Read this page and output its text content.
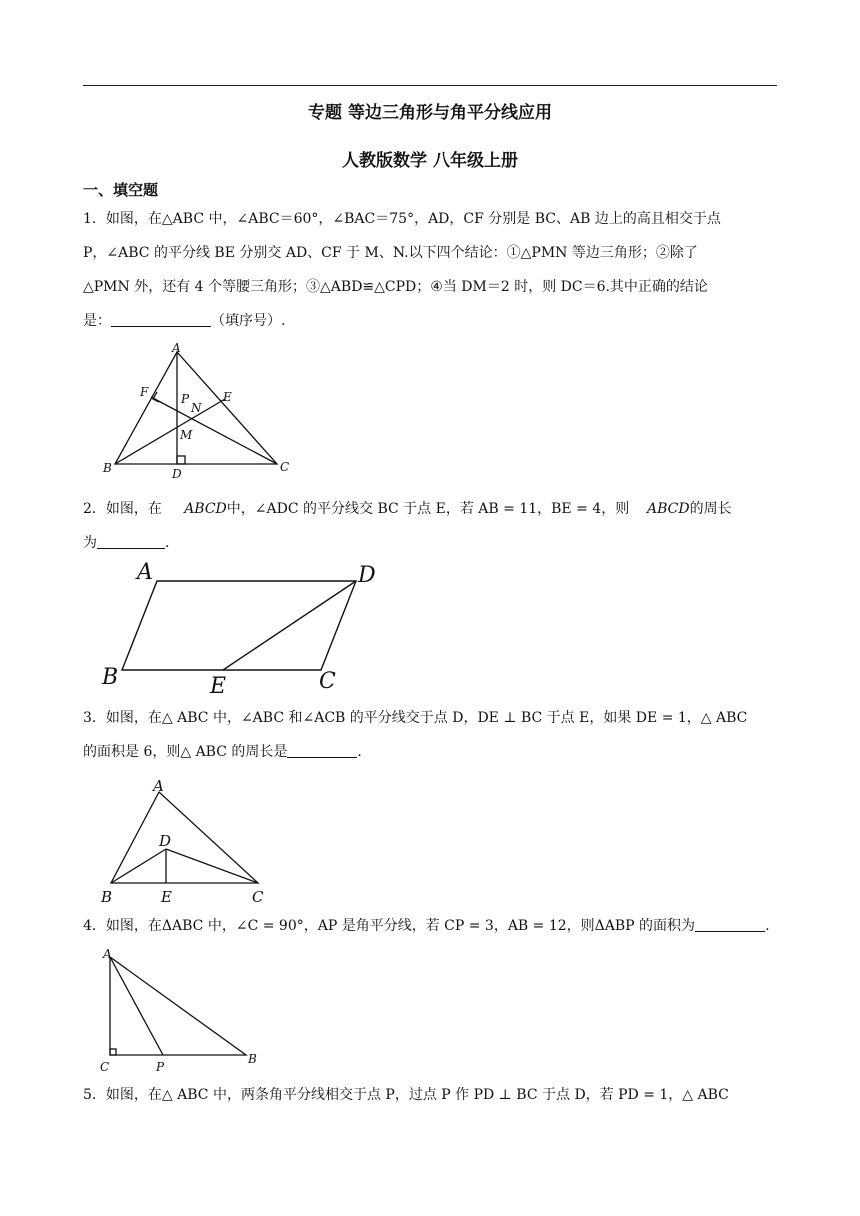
专题 等边三角形与角平分线应用
人教版数学 八年级上册
一、填空题
1．如图，在△ABC 中，∠ABC＝60°，∠BAC＝75°，AD，CF 分别是 BC、AB 边上的高且相交于点
P，∠ABC 的平分线 BE 分别交 AD、CF 于 M、N.以下四个结论：①△PMN 等边三角形；②除了
△PMN 外，还有 4 个等腰三角形；③△ABD≌△CPD；④当 DM＝2 时，则 DC＝6.其中正确的结论
是：	（填序号）.
A
F	P
N
E
M
B	D	C
2．如图，在 ABCD中，∠ADC 的平分线交 BC 于点 E，若 AB = 11，BE = 4，则 ABCD的周长
为	.
A	D
B	E	C
3．如图，在△ ABC 中，∠ABC 和∠ACB 的平分线交于点 D，DE ⊥ BC 于点 E，如果 DE = 1，△ ABC
的面积是 6，则△ ABC 的周长是	.
A
D
B	E	C
4．如图，在ΔABC 中，∠C = 90°，AP 是角平分线，若 CP = 3，AB = 12，则ΔABP 的面积为	.
A
C	P
B
5．如图，在△ ABC 中，两条角平分线相交于点 P，过点 P 作 PD ⊥ BC 于点 D，若 PD = 1，△ ABC
